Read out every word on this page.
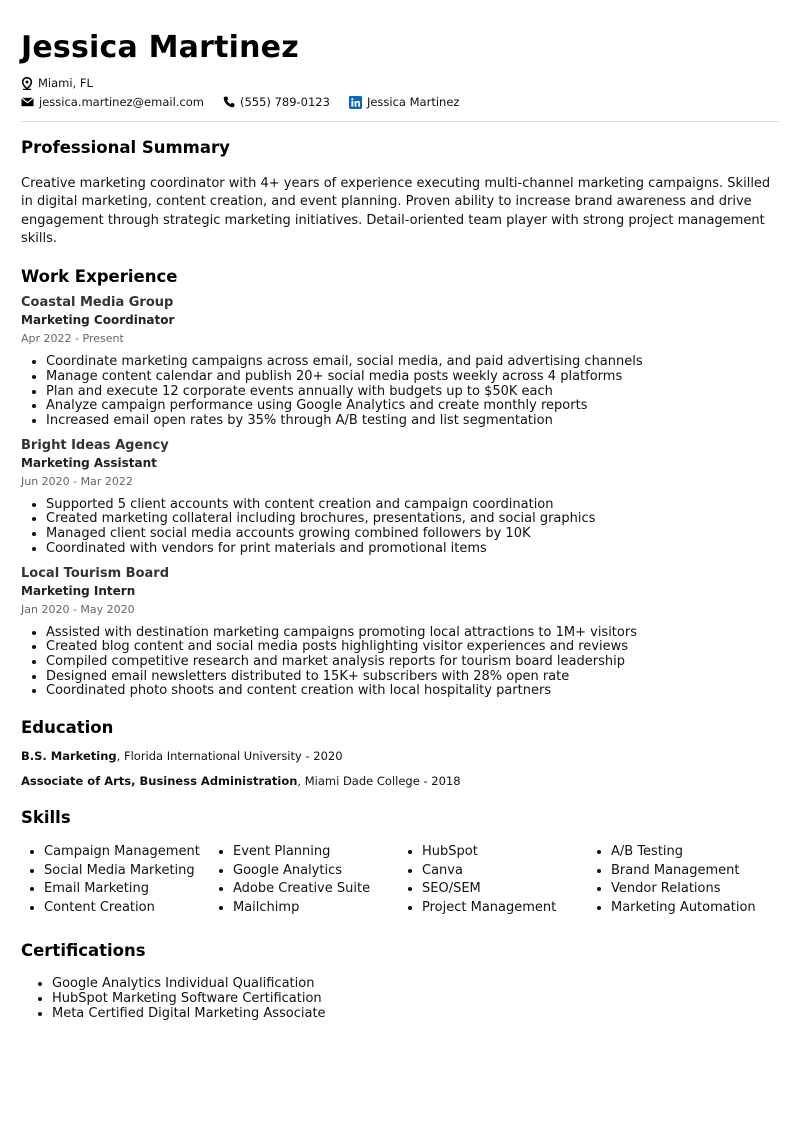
Jessica Martinez
Miami, FL
jessica.martinez@email.com	(555) 789-0123	Jessica Martinez
Professional Summary
Creative marketing coordinator with 4+ years of experience executing multi-channel marketing campaigns. Skilled in digital marketing, content creation, and event planning. Proven ability to increase brand awareness and drive engagement through strategic marketing initiatives. Detail-oriented team player with strong project management skills.
Work Experience
Coastal Media Group
Marketing Coordinator
Apr 2022 - Present
• Coordinate marketing campaigns across email, social media, and paid advertising channels
• Manage content calendar and publish 20+ social media posts weekly across 4 platforms
• Plan and execute 12 corporate events annually with budgets up to $50K each
• Analyze campaign performance using Google Analytics and create monthly reports
• Increased email open rates by 35% through A/B testing and list segmentation
Bright Ideas Agency
Marketing Assistant
Jun 2020 - Mar 2022
• Supported 5 client accounts with content creation and campaign coordination
• Created marketing collateral including brochures, presentations, and social graphics
• Managed client social media accounts growing combined followers by 10K
• Coordinated with vendors for print materials and promotional items
Local Tourism Board
Marketing Intern
Jan 2020 - May 2020
• Assisted with destination marketing campaigns promoting local attractions to 1M+ visitors
• Created blog content and social media posts highlighting visitor experiences and reviews
• Compiled competitive research and market analysis reports for tourism board leadership
• Designed email newsletters distributed to 15K+ subscribers with 28% open rate
• Coordinated photo shoots and content creation with local hospitality partners
Education
B.S. Marketing, Florida International University - 2020
Associate of Arts, Business Administration, Miami Dade College - 2018
Skills
• Campaign Management
• Social Media Marketing
• Email Marketing
• Content Creation
• Event Planning
• Google Analytics
• Adobe Creative Suite
• Mailchimp
• HubSpot
• Canva
• SEO/SEM
• Project Management
• A/B Testing
• Brand Management
• Vendor Relations
• Marketing Automation
Certifications
• Google Analytics Individual Qualification
• HubSpot Marketing Software Certification
• Meta Certified Digital Marketing Associate
